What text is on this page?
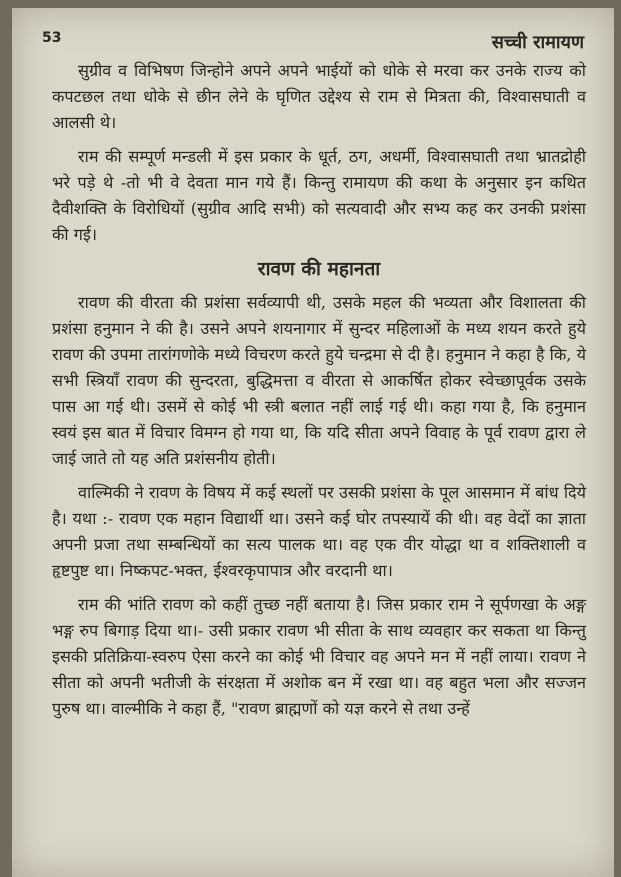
53	सच्ची रामायण

सुग्रीव व विभिषण जिन्होने अपने अपने भाईयों को धोके से मरवा कर उनके राज्य को कपटछल तथा धोके से छीन लेने के घृणित उद्देश्य से राम से मित्रता की, विश्वासघाती व आलसी थे।

राम की सम्पूर्ण मन्डली में इस प्रकार के धूर्त, ठग, अधर्मी, विश्वासघाती तथा भ्रातद्रोही भरे पड़े थे -तो भी वे देवता मान गये हैं। किन्तु रामायण की कथा के अनुसार इन कथित दैवीशक्ति के विरोधियों (सुग्रीव आदि सभी) को सत्यवादी और सभ्य कह कर उनकी प्रशंसा की गई।

रावण की महानता

रावण की वीरता की प्रशंसा सर्वव्यापी थी, उसके महल की भव्यता और विशालता की प्रशंसा हनुमान ने की है। उसने अपने शयनागार में सुन्दर महिलाओं के मध्य शयन करते हुये रावण की उपमा तारांगणोके मध्ये विचरण करते हुये चन्द्रमा से दी है। हनुमान ने कहा है कि, ये सभी स्त्रियाँ रावण की सुन्दरता, बुद्धिमत्ता व वीरता से आकर्षित होकर स्वेच्छापूर्वक उसके पास आ गई थी। उसमें से कोई भी स्त्री बलात नहीं लाई गई थी। कहा गया है, कि हनुमान स्वयं इस बात में विचार विमग्न हो गया था, कि यदि सीता अपने विवाह के पूर्व रावण द्वारा ले जाई जाते तो यह अति प्रशंसनीय होती।

वाल्मिकी ने रावण के विषय में कई स्थलों पर उसकी प्रशंसा के पूल आसमान में बांध दिये है। यथा :- रावण एक महान विद्यार्थी था। उसने कई घोर तपस्यायें की थी। वह वेदों का ज्ञाता अपनी प्रजा तथा सम्बन्धियों का सत्य पालक था। वह एक वीर योद्धा था व शक्तिशाली व हृष्टपुष्ट था। निष्कपट-भक्त, ईश्वरकृपापात्र और वरदानी था।

राम की भांति रावण को कहीं तुच्छ नहीं बताया है। जिस प्रकार राम ने सूर्पणखा के अङ्ग भङ्ग रुप बिगाड़ दिया था।- उसी प्रकार रावण भी सीता के साथ व्यवहार कर सकता था किन्तु इसकी प्रतिक्रिया-स्वरुप ऐसा करने का कोई भी विचार वह अपने मन में नहीं लाया। रावण ने सीता को अपनी भतीजी के संरक्षता में अशोक बन में रखा था। वह बहुत भला और सज्जन पुरुष था। वाल्मीकि ने कहा हैं, "रावण ब्राह्मणों को यज्ञ करने से तथा उन्हें
